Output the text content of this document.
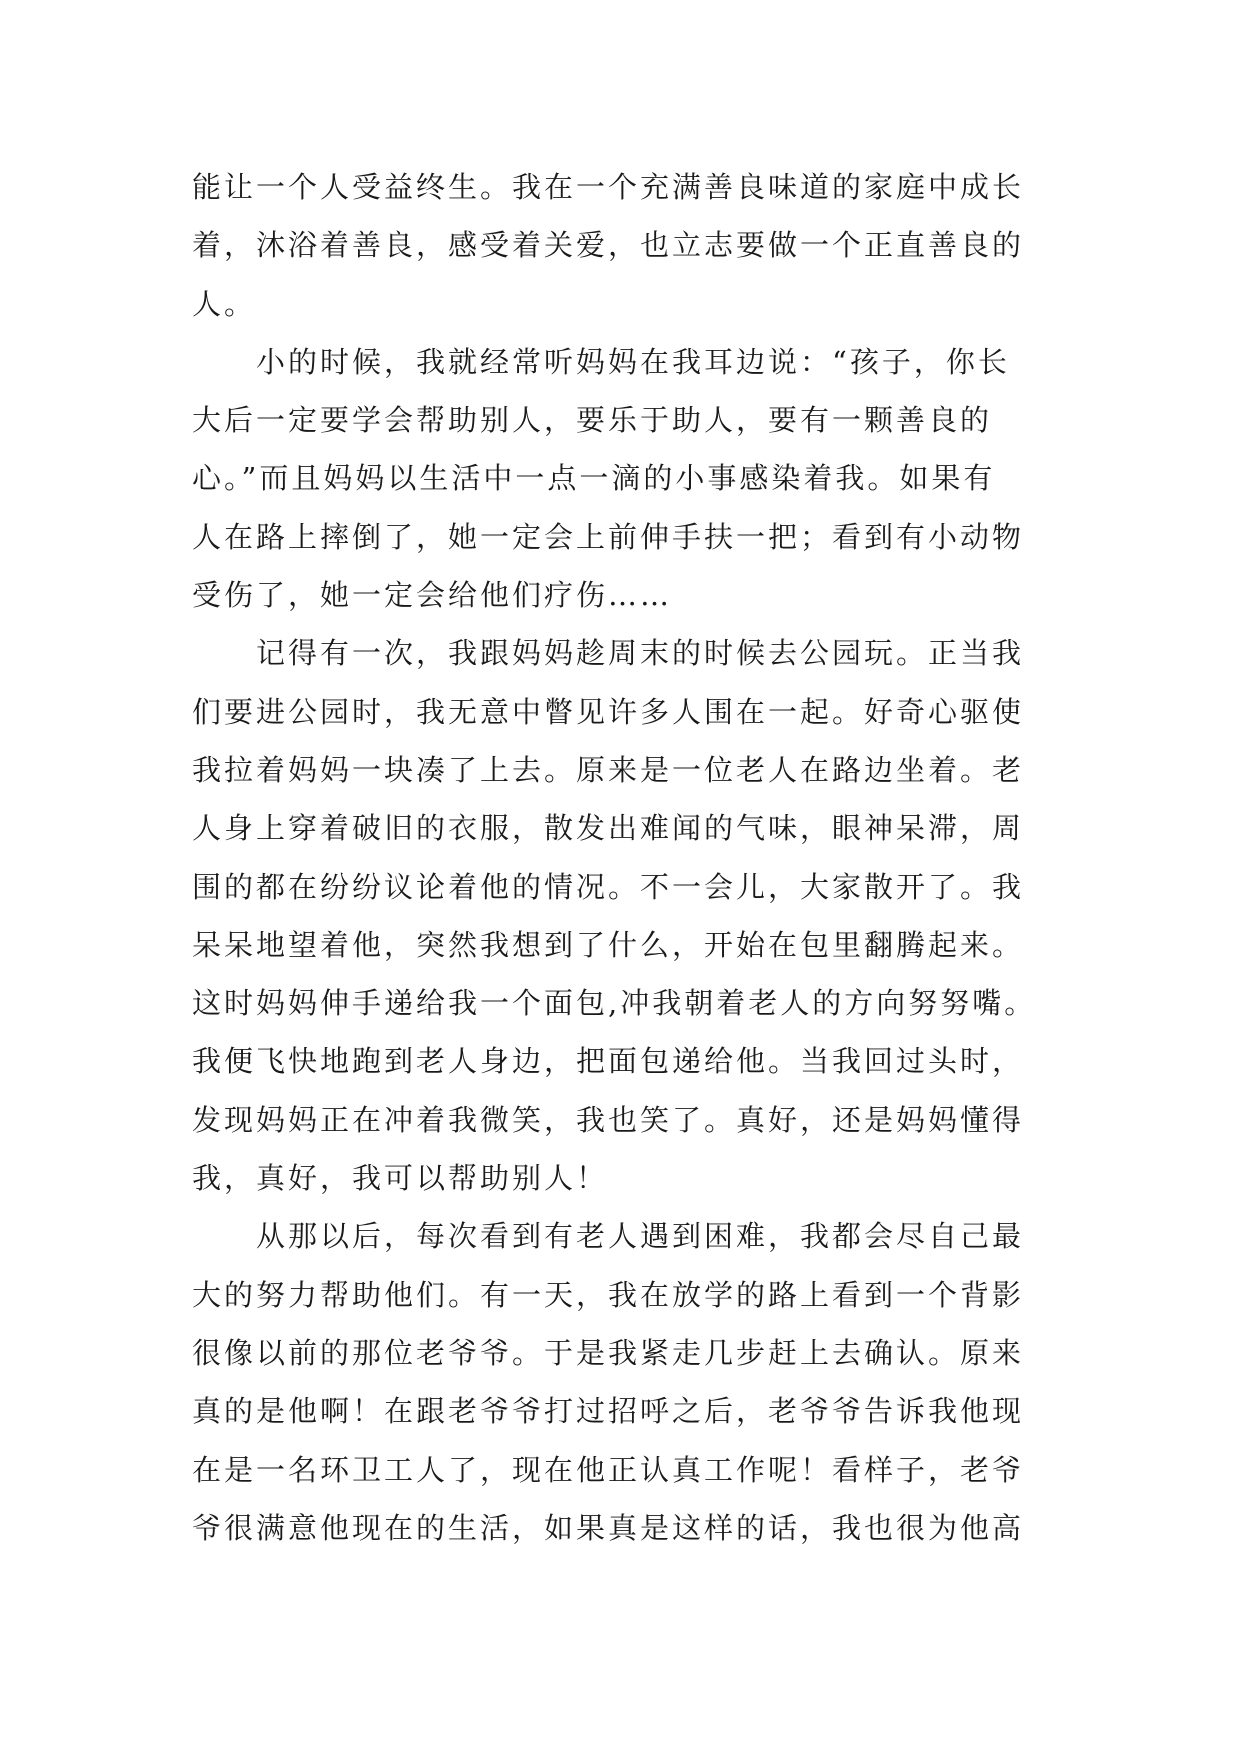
能让一个人受益终生。我在一个充满善良味道的家庭中成长
着，沐浴着善良，感受着关爱，也立志要做一个正直善良的
人。
　　小的时候，我就经常听妈妈在我耳边说：“孩子，你长
大后一定要学会帮助别人，要乐于助人，要有一颗善良的
心。”而且妈妈以生活中一点一滴的小事感染着我。如果有
人在路上摔倒了，她一定会上前伸手扶一把；看到有小动物
受伤了，她一定会给他们疗伤……
　　记得有一次，我跟妈妈趁周末的时候去公园玩。正当我
们要进公园时，我无意中瞥见许多人围在一起。好奇心驱使
我拉着妈妈一块凑了上去。原来是一位老人在路边坐着。老
人身上穿着破旧的衣服，散发出难闻的气味，眼神呆滞，周
围的都在纷纷议论着他的情况。不一会儿，大家散开了。我
呆呆地望着他，突然我想到了什么，开始在包里翻腾起来。
这时妈妈伸手递给我一个面包,冲我朝着老人的方向努努嘴。
我便飞快地跑到老人身边，把面包递给他。当我回过头时，
发现妈妈正在冲着我微笑，我也笑了。真好，还是妈妈懂得
我，真好，我可以帮助别人！
　　从那以后，每次看到有老人遇到困难，我都会尽自己最
大的努力帮助他们。有一天，我在放学的路上看到一个背影
很像以前的那位老爷爷。于是我紧走几步赶上去确认。原来
真的是他啊！在跟老爷爷打过招呼之后，老爷爷告诉我他现
在是一名环卫工人了，现在他正认真工作呢！看样子，老爷
爷很满意他现在的生活，如果真是这样的话，我也很为他高
